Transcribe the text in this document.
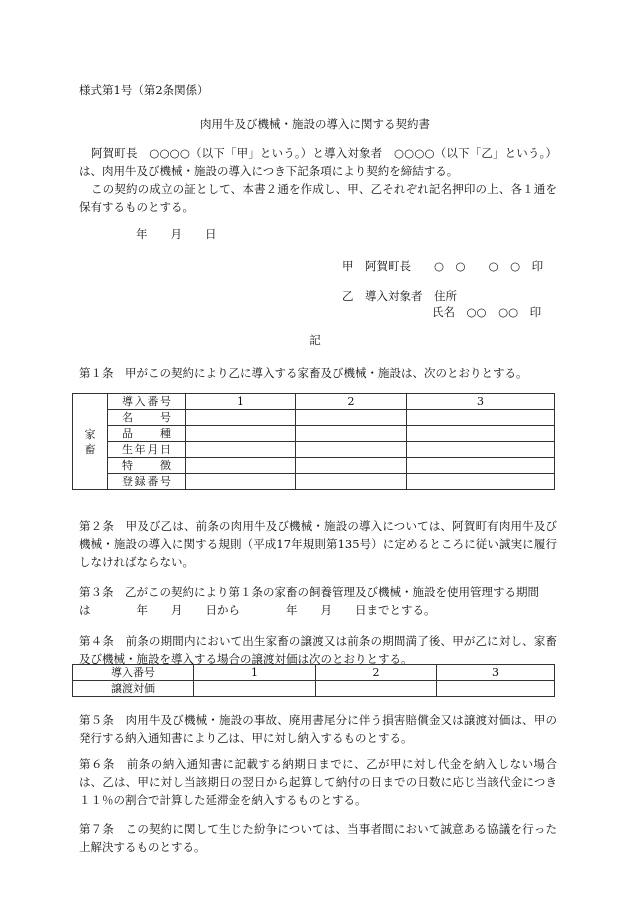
様式第1号（第2条関係）
肉用牛及び機械・施設の導入に関する契約書

阿賀町長　○○○○（以下「甲」という。）と導入対象者　○○○○（以下「乙」という。）は、肉用牛及び機械・施設の導入につき下記条項により契約を締結する。

この契約の成立の証として、本書２通を作成し、甲、乙それぞれ記名押印の上、各１通を保有するものとする。

年　　月　　日
甲　阿賀町長　　○　○　　○　○　印
乙　導入対象者　住所
氏名　○○　○○　印
記

第１条　甲がこの契約により乙に導入する家畜及び機械・施設は、次のとおりとする。

家
畜	導入番号	1	2	3
	名　号			
	品　種			
	生年月日			
	特　徴			
	登録番号			

第２条　甲及び乙は、前条の肉用牛及び機械・施設の導入については、阿賀町有肉用牛及び機械・施設の導入に関する規則（平成17年規則第135号）に定めるところに従い誠実に履行しなければならない。

第３条　乙がこの契約により第１条の家畜の飼養管理及び機械・施設を使用管理する期間
は　　　　年　　月　　日から　　　　年　　月　　日までとする。

第４条　前条の期間内において出生家畜の譲渡又は前条の期間満了後、甲が乙に対し、家畜及び機械・施設を導入する場合の譲渡対価は次のとおりとする。

導入番号	1	2	3
譲渡対価			

第５条　肉用牛及び機械・施設の事故、廃用書尾分に伴う損害賠償金又は譲渡対価は、甲の発行する納入通知書により乙は、甲に対し納入するものとする。

第６条　前条の納入通知書に記載する納期日までに、乙が甲に対し代金を納入しない場合は、乙は、甲に対し当該期日の翌日から起算して納付の日までの日数に応じ当該代金につき１１％の割合で計算した延滞金を納入するものとする。

第７条　この契約に関して生じた紛争については、当事者間において誠意ある協議を行った上解決するものとする。
